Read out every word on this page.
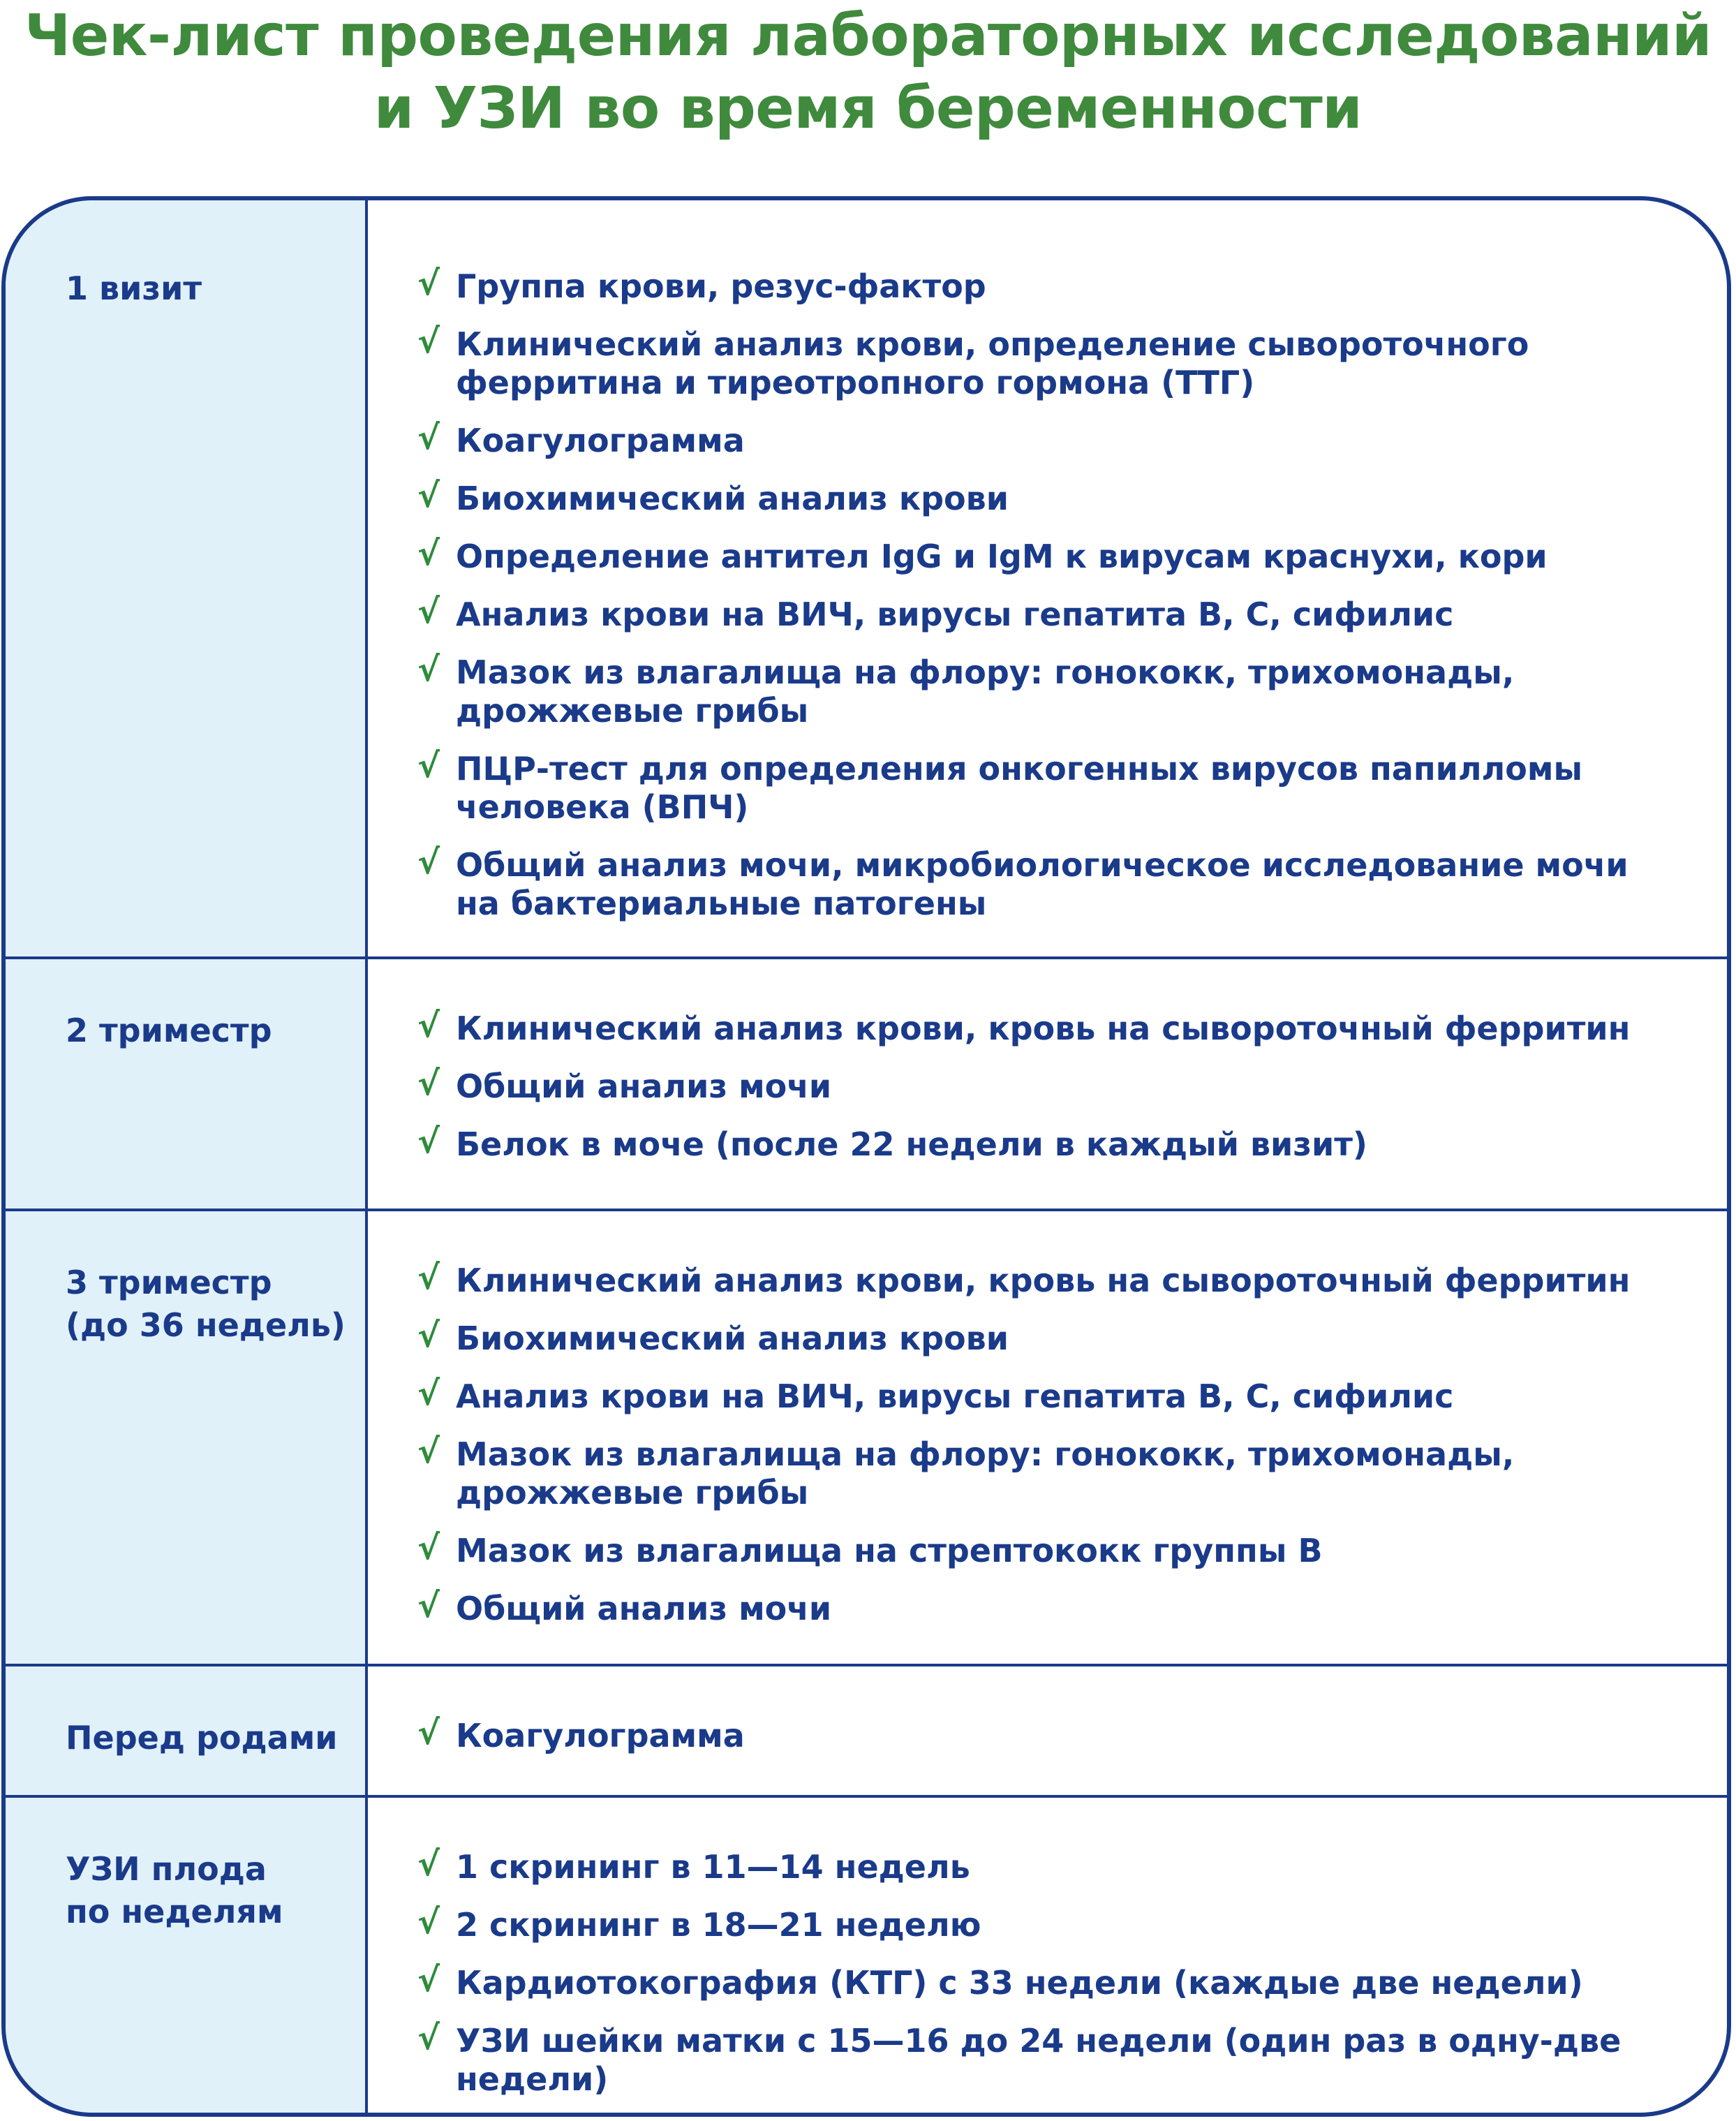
Чек-лист проведения лабораторных исследований
и УЗИ во время беременности
1 визит	√ Группа крови, резус-фактор
√ Клинический анализ крови, определение сывороточного
ферритина и тиреотропного гормона (ТТГ)
√ Коагулограмма
√ Биохимический анализ крови
√ Определение антител IgG и IgM к вирусам краснухи, кори
√ Анализ крови на ВИЧ, вирусы гепатита B, C, сифилис
√ Мазок из влагалища на флору: гонококк, трихомонады,
дрожжевые грибы
√ ПЦР-тест для определения онкогенных вирусов папилломы
человека (ВПЧ)
√ Общий анализ мочи, микробиологическое исследование мочи
на бактериальные патогены
2 триместр	√ Клинический анализ крови, кровь на сывороточный ферритин
√ Общий анализ мочи
√ Белок в моче (после 22 недели в каждый визит)
3 триместр
(до 36 недель)
√ Клинический анализ крови, кровь на сывороточный ферритин
√ Биохимический анализ крови
√ Анализ крови на ВИЧ, вирусы гепатита B, C, сифилис
√ Мазок из влагалища на флору: гонококк, трихомонады,
дрожжевые грибы
√ Мазок из влагалища на стрептококк группы B
√ Общий анализ мочи
Перед родами √ Коагулограмма
УЗИ плода
по неделям
√ 1 скрининг в 11—14 недель
√ 2 скрининг в 18—21 неделю
√ Кардиотокография (КТГ) с 33 недели (каждые две недели)
√ УЗИ шейки матки с 15—16 до 24 недели (один раз в одну-две недели)
